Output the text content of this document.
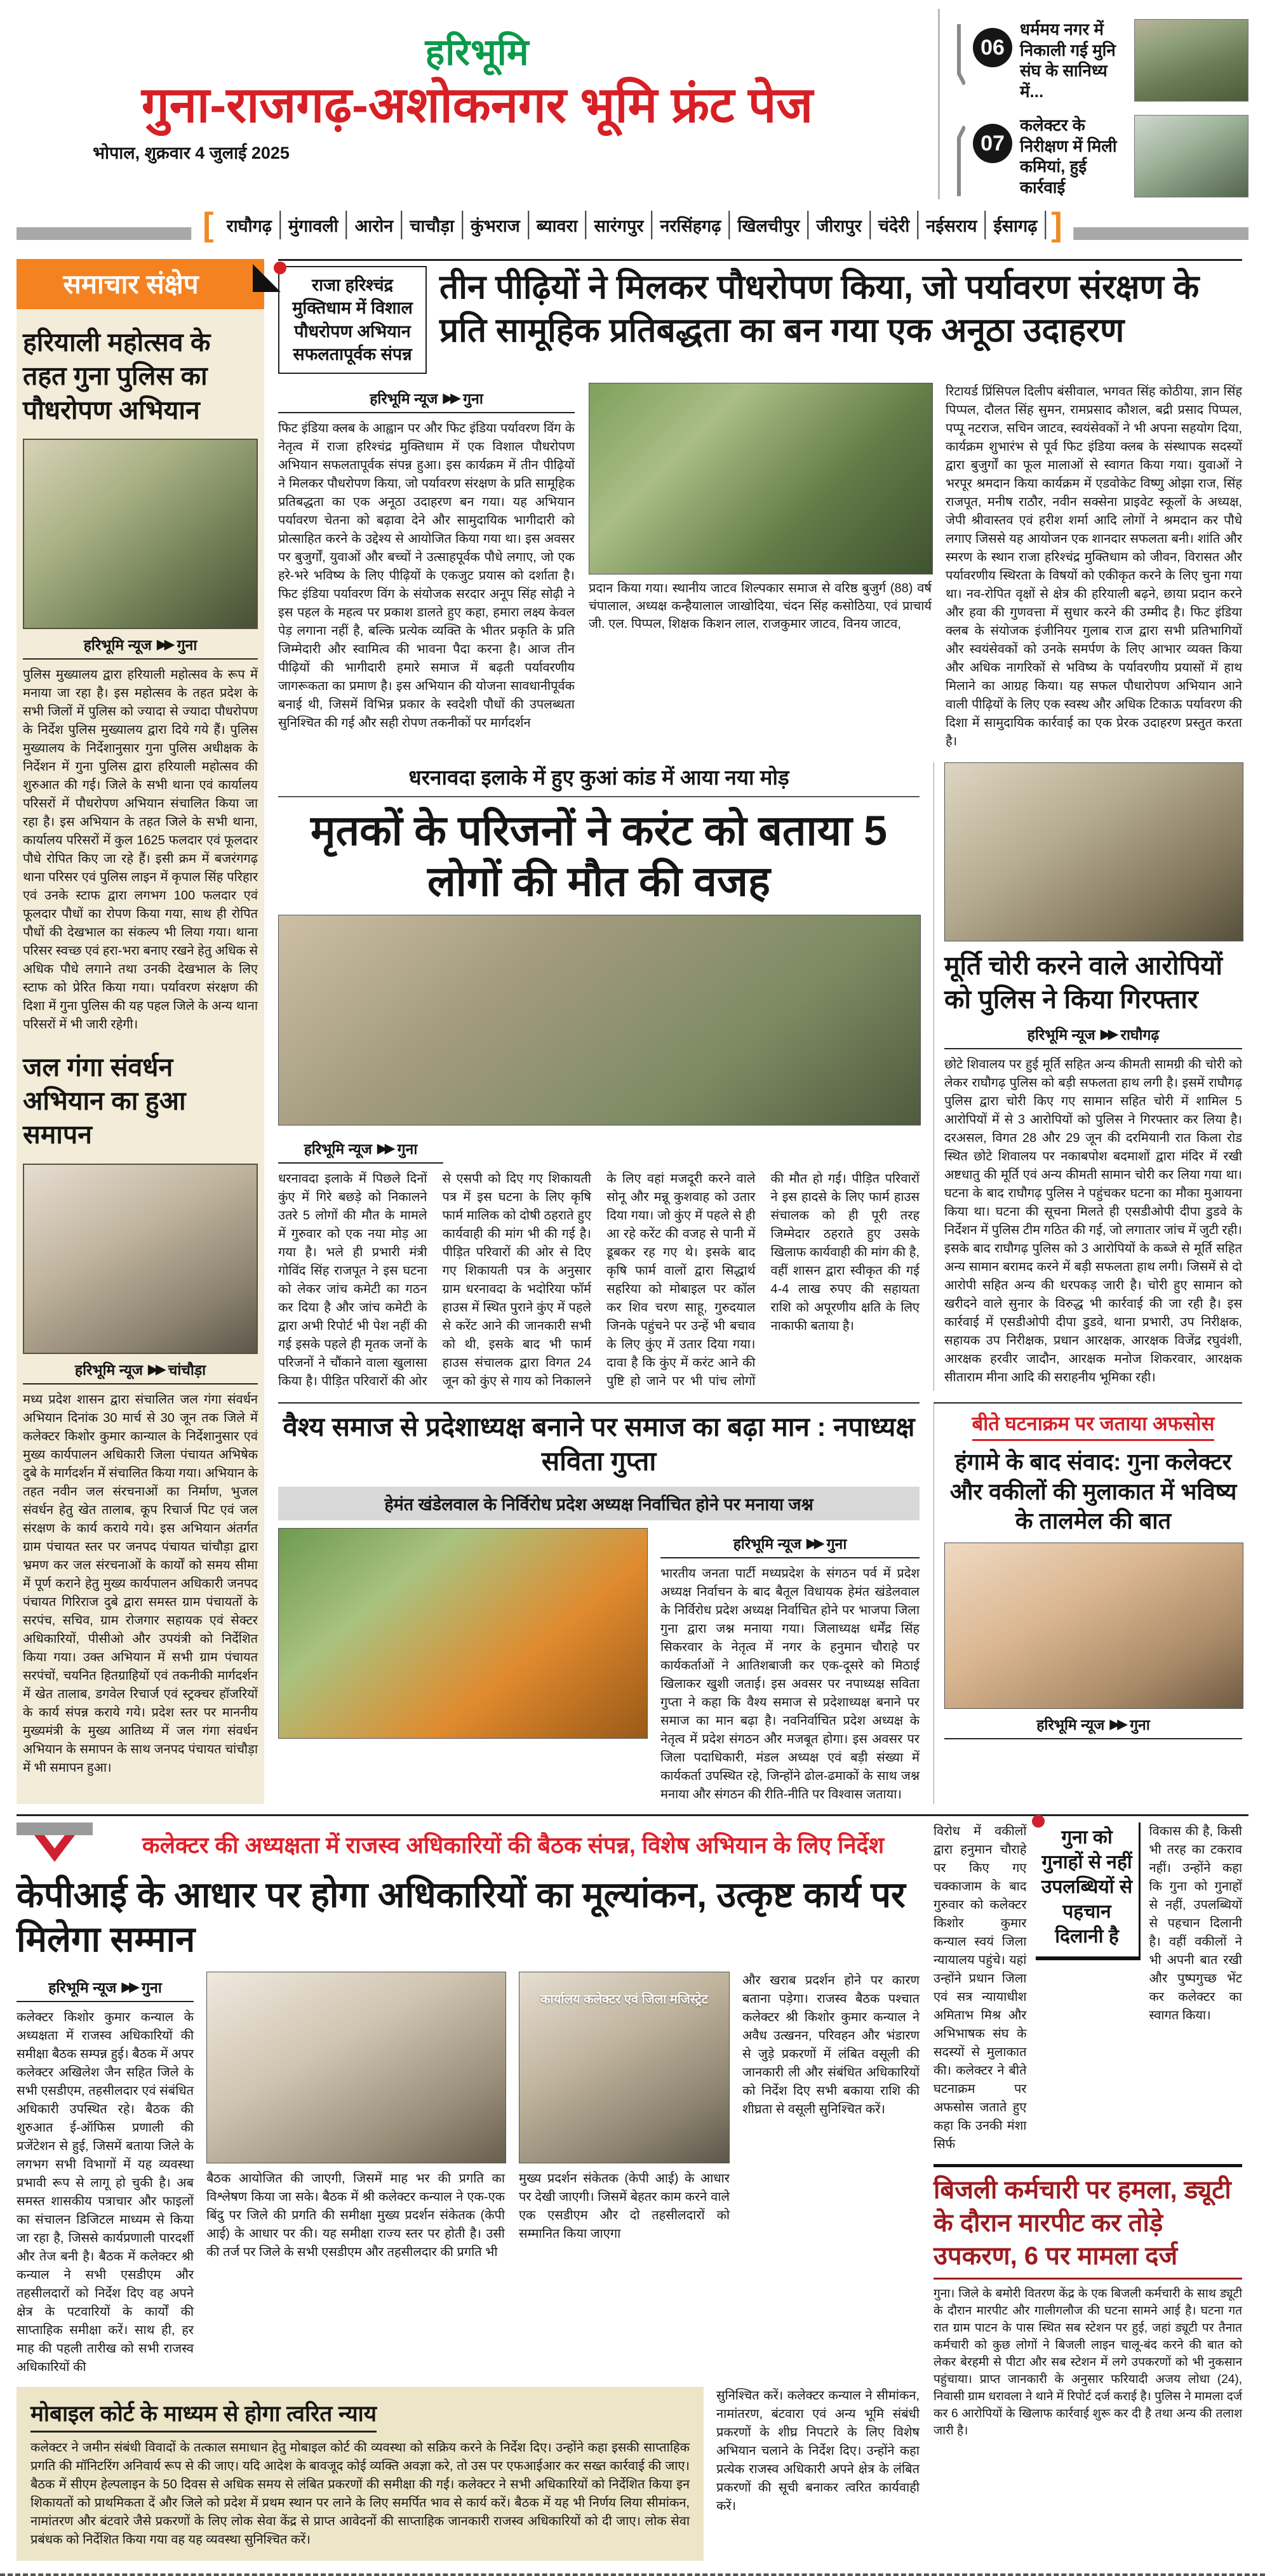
हरिभूमि
गुना-राजगढ़-अशोकनगर भूमि फ्रंट पेज
भोपाल, शुक्रवार 4 जुलाई 2025
06
धर्ममय नगर में निकाली गई मुनि संघ के सानिध्य में...
07
कलेक्टर के निरीक्षण में मिली कमियां, हुई कार्रवाई
[ राघौगढ़ मुंगावली आरोन चाचौड़ा कुंभराज ब्यावरा सारंगपुर नरसिंहगढ़ खिलचीपुर जीरापुर चंदेरी नईसराय ईसागढ़ ]
समाचार संक्षेप
हरियाली महोत्सव के तहत गुना पुलिस का पौधरोपण अभियान
हरिभूमि न्यूज ▶▶ गुना
पुलिस मुख्यालय द्वारा हरियाली महोत्सव के रूप में मनाया जा रहा है। इस महोत्सव के तहत प्रदेश के सभी जिलों में पुलिस को ज्यादा से ज्यादा पौधरोपण के निर्देश पुलिस मुख्यालय द्वारा दिये गये हैं। पुलिस मुख्यालय के निर्देशानुसार गुना पुलिस अधीक्षक के निर्देशन में गुना पुलिस द्वारा हरियाली महोत्सव की शुरुआत की गई। जिले के सभी थाना एवं कार्यालय परिसरों में पौधरोपण अभियान संचालित किया जा रहा है। इस अभियान के तहत जिले के सभी थाना, कार्यालय परिसरों में कुल 1625 फलदार एवं फूलदार पौधे रोपित किए जा रहे हैं। इसी क्रम में बजरंगगढ़ थाना परिसर एवं पुलिस लाइन में कृपाल सिंह परिहार एवं उनके स्टाफ द्वारा लगभग 100 फलदार एवं फूलदार पौधों का रोपण किया गया, साथ ही रोपित पौधों की देखभाल का संकल्प भी लिया गया। थाना परिसर स्वच्छ एवं हरा-भरा बनाए रखने हेतु अधिक से अधिक पौधे लगाने तथा उनकी देखभाल के लिए स्टाफ को प्रेरित किया गया। पर्यावरण संरक्षण की दिशा में गुना पुलिस की यह पहल जिले के अन्य थाना परिसरों में भी जारी रहेगी।
जल गंगा संवर्धन अभियान का हुआ समापन
हरिभूमि न्यूज ▶▶ चांचौड़ा
मध्य प्रदेश शासन द्वारा संचालित जल गंगा संवर्धन अभियान दिनांक 30 मार्च से 30 जून तक जिले में कलेक्टर किशोर कुमार कान्याल के निर्देशानुसार एवं मुख्य कार्यपालन अधिकारी जिला पंचायत अभिषेक दुबे के मार्गदर्शन में संचालित किया गया। अभियान के तहत नवीन जल संरचनाओं का निर्माण, भुजल संवर्धन हेतु खेत तालाब, कूप रिचार्ज पिट एवं जल संरक्षण के कार्य कराये गये। इस अभियान अंतर्गत ग्राम पंचायत स्तर पर जनपद पंचायत चांचौड़ा द्वारा भ्रमण कर जल संरचनाओं के कार्यों को समय सीमा में पूर्ण कराने हेतु मुख्य कार्यपालन अधिकारी जनपद पंचायत गिरिराज दुबे द्वारा समस्त ग्राम पंचायतों के सरपंच, सचिव, ग्राम रोजगार सहायक एवं सेक्टर अधिकारियों, पीसीओ और उपयंत्री को निर्देशित किया गया। उक्त अभियान में सभी ग्राम पंचायत सरपंचों, चयनित हितग्राहियों एवं तकनीकी मार्गदर्शन में खेत तालाब, डगवेल रिचार्ज एवं स्ट्रक्चर हॉजरियों के कार्य संपन्न कराये गये। प्रदेश स्तर पर माननीय मुख्यमंत्री के मुख्य आतिथ्य में जल गंगा संवर्धन अभियान के समापन के साथ जनपद पंचायत चांचौड़ा में भी समापन हुआ।
राजा हरिश्चंद्र मुक्तिधाम में विशाल पौधरोपण अभियान सफलतापूर्वक संपन्न
तीन पीढ़ियों ने मिलकर पौधरोपण किया, जो पर्यावरण संरक्षण के प्रति सामूहिक प्रतिबद्धता का बन गया एक अनूठा उदाहरण
हरिभूमि न्यूज ▶▶ गुना
फिट इंडिया क्लब के आह्वान पर और फिट इंडिया पर्यावरण विंग के नेतृत्व में राजा हरिश्चंद्र मुक्तिधाम में एक विशाल पौधरोपण अभियान सफलतापूर्वक संपन्न हुआ। इस कार्यक्रम में तीन पीढ़ियों ने मिलकर पौधरोपण किया, जो पर्यावरण संरक्षण के प्रति सामूहिक प्रतिबद्धता का एक अनूठा उदाहरण बन गया। यह अभियान पर्यावरण चेतना को बढ़ावा देने और सामुदायिक भागीदारी को प्रोत्साहित करने के उद्देश्य से आयोजित किया गया था। इस अवसर पर बुजुर्गों, युवाओं और बच्चों ने उत्साहपूर्वक पौधे लगाए, जो एक हरे-भरे भविष्य के लिए पीढ़ियों के एकजुट प्रयास को दर्शाता है। फिट इंडिया पर्यावरण विंग के संयोजक सरदार अनूप सिंह सोढ़ी ने इस पहल के महत्व पर प्रकाश डालते हुए कहा, हमारा लक्ष्य केवल पेड़ लगाना नहीं है, बल्कि प्रत्येक व्यक्ति के भीतर प्रकृति के प्रति जिम्मेदारी और स्वामित्व की भावना पैदा करना है। आज तीन पीढ़ियों की भागीदारी हमारे समाज में बढ़ती पर्यावरणीय जागरूकता का प्रमाण है। इस अभियान की योजना सावधानीपूर्वक बनाई थी, जिसमें विभिन्न प्रकार के स्वदेशी पौधों की उपलब्धता सुनिश्चित की गई और सही रोपण तकनीकों पर मार्गदर्शन
प्रदान किया गया। स्थानीय जाटव शिल्पकार समाज से वरिष्ठ बुजुर्ग (88) वर्ष चंपालाल, अध्यक्ष कन्हैयालाल जाखोदिया, चंदन सिंह कसोठिया, एवं प्राचार्य जी. एल. पिप्पल, शिक्षक किशन लाल, राजकुमार जाटव, विनय जाटव,
रिटायर्ड प्रिंसिपल दिलीप बंसीवाल, भगवत सिंह कोठीया, ज्ञान सिंह पिप्पल, दौलत सिंह सुमन, रामप्रसाद कौशल, बद्री प्रसाद पिप्पल, पप्पू नटराज, सचिन जाटव, स्वयंसेवकों ने भी अपना सहयोग दिया, कार्यक्रम शुभारंभ से पूर्व फिट इंडिया क्लब के संस्थापक सदस्यों द्वारा बुजुर्गों का फूल मालाओं से स्वागत किया गया। युवाओं ने भरपूर श्रमदान किया कार्यक्रम में एडवोकेट विष्णु ओझा राज, सिंह राजपूत, मनीष राठौर, नवीन सक्सेना प्राइवेट स्कूलों के अध्यक्ष, जेपी श्रीवास्तव एवं हरीश शर्मा आदि लोगों ने श्रमदान कर पौधे लगाए जिससे यह आयोजन एक शानदार सफलता बनी। शांति और स्मरण के स्थान राजा हरिश्चंद्र मुक्तिधाम को जीवन, विरासत और पर्यावरणीय स्थिरता के विषयों को एकीकृत करने के लिए चुना गया था। नव-रोपित वृक्षों से क्षेत्र की हरियाली बढ़ने, छाया प्रदान करने और हवा की गुणवत्ता में सुधार करने की उम्मीद है। फिट इंडिया क्लब के संयोजक इंजीनियर गुलाब राज द्वारा सभी प्रतिभागियों और स्वयंसेवकों को उनके समर्पण के लिए आभार व्यक्त किया और अधिक नागरिकों से भविष्य के पर्यावरणीय प्रयासों में हाथ मिलाने का आग्रह किया। यह सफल पौधारोपण अभियान आने वाली पीढ़ियों के लिए एक स्वस्थ और अधिक टिकाऊ पर्यावरण की दिशा में सामुदायिक कार्रवाई का एक प्रेरक उदाहरण प्रस्तुत करता है।
धरनावदा इलाके में हुए कुआं कांड में आया नया मोड़
मृतकों के परिजनों ने करंट को बताया 5 लोगों की मौत की वजह
हरिभूमि न्यूज ▶▶ गुना
धरनावदा इलाके में पिछले दिनों कुंए में गिरे बछड़े को निकालने उतरे 5 लोगों की मौत के मामले में गुरुवार को एक नया मोड़ आ गया है। भले ही प्रभारी मंत्री गोविंद सिंह राजपूत ने इस घटना को लेकर जांच कमेटी का गठन कर दिया है और जांच कमेटी के द्वारा अभी रिपोर्ट भी पेश नहीं की गई इसके पहले ही मृतक जनों के परिजनों ने चौंकाने वाला खुलासा किया है। पीड़ित परिवारों की ओर से एसपी को दिए गए शिकायती पत्र में इस घटना के लिए कृषि फार्म मालिक को दोषी ठहराते हुए कार्यवाही की मांग भी की गई है। पीड़ित परिवारों की ओर से दिए गए शिकायती पत्र के अनुसार ग्राम धरनावदा के भदोरिया फॉर्म हाउस में स्थित पुराने कुंए में पहले से करेंट आने की जानकारी सभी को थी, इसके बाद भी फार्म हाउस संचालक द्वारा विगत 24 जून को कुंए से गाय को निकालने के लिए वहां मजदूरी करने वाले सोनू और मन्नू कुशवाह को उतार दिया गया। जो कुंए में पहले से ही आ रहे करेंट की वजह से पानी में डूबकर रह गए थे। इसके बाद कृषि फार्म वालों द्वारा सिद्धार्थ सहरिया को मोबाइल पर कॉल कर शिव चरण साहू, गुरुदयाल जिनके पहुंचने पर उन्हें भी बचाव के लिए कुंए में उतार दिया गया। दावा है कि कुंए में करंट आने की पुष्टि हो जाने पर भी पांच लोगों की मौत हो गई। पीड़ित परिवारों ने इस हादसे के लिए फार्म हाउस संचालक को ही पूरी तरह जिम्मेदार ठहराते हुए उसके खिलाफ कार्यवाही की मांग की है, वहीं शासन द्वारा स्वीकृत की गई 4-4 लाख रुपए की सहायता राशि को अपूरणीय क्षति के लिए नाकाफी बताया है।
मूर्ति चोरी करने वाले आरोपियों को पुलिस ने किया गिरफ्तार
हरिभूमि न्यूज ▶▶ राघौगढ़
छोटे शिवालय पर हुई मूर्ति सहित अन्य कीमती सामग्री की चोरी को लेकर राघौगढ़ पुलिस को बड़ी सफलता हाथ लगी है। इसमें राघौगढ़ पुलिस द्वारा चोरी किए गए सामान सहित चोरी में शामिल 5 आरोपियों में से 3 आरोपियों को पुलिस ने गिरफ्तार कर लिया है। दरअसल, विगत 28 और 29 जून की दरमियानी रात किला रोड स्थित छोटे शिवालय पर नकाबपोश बदमाशों द्वारा मंदिर में रखी अष्टधातु की मूर्ति एवं अन्य कीमती सामान चोरी कर लिया गया था। घटना के बाद राघौगढ़ पुलिस ने पहुंचकर घटना का मौका मुआयना किया था। घटना की सूचना मिलते ही एसडीओपी दीपा डुडवे के निर्देशन में पुलिस टीम गठित की गई, जो लगातार जांच में जुटी रही। इसके बाद राघौगढ़ पुलिस को 3 आरोपियों के कब्जे से मूर्ति सहित अन्य सामान बरामद करने में बड़ी सफलता हाथ लगी। जिसमें से दो आरोपी सहित अन्य की धरपकड़ जारी है। चोरी हुए सामान को खरीदने वाले सुनार के विरुद्ध भी कार्रवाई की जा रही है। इस कार्रवाई में एसडीओपी दीपा डुडवे, थाना प्रभारी, उप निरीक्षक, सहायक उप निरीक्षक, प्रधान आरक्षक, आरक्षक विजेंद्र रघुवंशी, आरक्षक हरवीर जादौन, आरक्षक मनोज शिकरवार, आरक्षक सीताराम मीना आदि की सराहनीय भूमिका रही।
वैश्य समाज से प्रदेशाध्यक्ष बनाने पर समाज का बढ़ा मान : नपाध्यक्ष सविता गुप्ता
हेमंत खंडेलवाल के निर्विरोध प्रदेश अध्यक्ष निर्वाचित होने पर मनाया जश्न
हरिभूमि न्यूज ▶▶ गुना
भारतीय जनता पार्टी मध्यप्रदेश के संगठन पर्व में प्रदेश अध्यक्ष निर्वाचन के बाद बैतूल विधायक हेमंत खंडेलवाल के निर्विरोध प्रदेश अध्यक्ष निर्वाचित होने पर भाजपा जिला गुना द्वारा जश्न मनाया गया। जिलाध्यक्ष धर्मेंद्र सिंह सिकरवार के नेतृत्व में नगर के हनुमान चौराहे पर कार्यकर्ताओं ने आतिशबाजी कर एक-दूसरे को मिठाई खिलाकर खुशी जताई। इस अवसर पर नपाध्यक्ष सविता गुप्ता ने कहा कि वैश्य समाज से प्रदेशाध्यक्ष बनाने पर समाज का मान बढ़ा है। नवनिर्वाचित प्रदेश अध्यक्ष के नेतृत्व में प्रदेश संगठन और मजबूत होगा। इस अवसर पर जिला पदाधिकारी, मंडल अध्यक्ष एवं बड़ी संख्या में कार्यकर्ता उपस्थित रहे, जिन्होंने ढोल-ढमाकों के साथ जश्न मनाया और संगठन की रीति-नीति पर विश्वास जताया।
बीते घटनाक्रम पर जताया अफसोस
हंगामे के बाद संवाद: गुना कलेक्टर और वकीलों की मुलाकात में भविष्य के तालमेल की बात
हरिभूमि न्यूज ▶▶ गुना
कलेक्टर की अध्यक्षता में राजस्व अधिकारियों की बैठक संपन्न, विशेष अभियान के लिए निर्देश
केपीआई के आधार पर होगा अधिकारियों का मूल्यांकन, उत्कृष्ट कार्य पर मिलेगा सम्मान
हरिभूमि न्यूज ▶▶ गुना
कलेक्टर किशोर कुमार कन्याल के अध्यक्षता में राजस्व अधिकारियों की समीक्षा बैठक सम्पन्न हुई। बैठक में अपर कलेक्टर अखिलेश जैन सहित जिले के सभी एसडीएम, तहसीलदार एवं संबंधित अधिकारी उपस्थित रहे। बैठक की शुरुआत ई-ऑफिस प्रणाली की प्रजेंटेशन से हुई, जिसमें बताया जिले के लगभग सभी विभागों में यह व्यवस्था प्रभावी रूप से लागू हो चुकी है। अब समस्त शासकीय पत्राचार और फाइलों का संचालन डिजिटल माध्यम से किया जा रहा है, जिससे कार्यप्रणाली पारदर्शी और तेज बनी है। बैठक में कलेक्टर श्री कन्याल ने सभी एसडीएम और तहसीलदारों को निर्देश दिए वह अपने क्षेत्र के पटवारियों के कार्यों की साप्ताहिक समीक्षा करें। साथ ही, हर माह की पहली तारीख को सभी राजस्व अधिकारियों की
बैठक आयोजित की जाएगी, जिसमें माह भर की प्रगति का विश्लेषण किया जा सके। बैठक में श्री कलेक्टर कन्याल ने एक-एक बिंदु पर जिले की प्रगति की समीक्षा मुख्य प्रदर्शन संकेतक (केपी आई) के आधार पर की। यह समीक्षा राज्य स्तर पर होती है। उसी की तर्ज पर जिले के सभी एसडीएम और तहसीलदार की प्रगति भी
कार्यालय कलेक्टर एवं जिला मजिस्ट्रेट
मुख्य प्रदर्शन संकेतक (केपी आई) के आधार पर देखी जाएगी। जिसमें बेहतर काम करने वाले एक एसडीएम और दो तहसीलदारों को सम्मानित किया जाएगा
और खराब प्रदर्शन होने पर कारण बताना पड़ेगा। राजस्व बैठक पश्चात कलेक्टर श्री किशोर कुमार कन्याल ने अवैध उत्खनन, परिवहन और भंडारण से जुड़े प्रकरणों में लंबित वसूली की जानकारी ली और संबंधित अधिकारियों को निर्देश दिए सभी बकाया राशि की शीघ्रता से वसूली सुनिश्चित करें।
मोबाइल कोर्ट के माध्यम से होगा त्वरित न्याय
कलेक्टर ने जमीन संबंधी विवादों के तत्काल समाधान हेतु मोबाइल कोर्ट की व्यवस्था को सक्रिय करने के निर्देश दिए। उन्होंने कहा इसकी साप्ताहिक प्रगति की मॉनिटरिंग अनिवार्य रूप से की जाए। यदि आदेश के बावजूद कोई व्यक्ति अवज्ञा करे, तो उस पर एफआईआर कर सख्त कार्रवाई की जाए। बैठक में सीएम हेल्पलाइन के 50 दिवस से अधिक समय से लंबित प्रकरणों की समीक्षा की गई। कलेक्टर ने सभी अधिकारियों को निर्देशित किया इन शिकायतों को प्राथमिकता दें और जिले को प्रदेश में प्रथम स्थान पर लाने के लिए समर्पित भाव से कार्य करें। बैठक में यह भी निर्णय लिया सीमांकन, नामांतरण और बंटवारे जैसे प्रकरणों के लिए लोक सेवा केंद्र से प्राप्त आवेदनों की साप्ताहिक जानकारी राजस्व अधिकारियों को दी जाए। लोक सेवा प्रबंधक को निर्देशित किया गया वह यह व्यवस्था सुनिश्चित करें।
सुनिश्चित करें। कलेक्टर कन्याल ने सीमांकन, नामांतरण, बंटवारा एवं अन्य भूमि संबंधी प्रकरणों के शीघ्र निपटारे के लिए विशेष अभियान चलाने के निर्देश दिए। उन्होंने कहा प्रत्येक राजस्व अधिकारी अपने क्षेत्र के लंबित प्रकरणों की सूची बनाकर त्वरित कार्यवाही करें।
विरोध में वकीलों द्वारा हनुमान चौराहे पर किए गए चक्काजाम के बाद गुरुवार को कलेक्टर किशोर कुमार कन्याल स्वयं जिला न्यायालय पहुंचे। यहां उन्होंने प्रधान जिला एवं सत्र न्यायाधीश अमिताभ मिश्र और अभिभाषक संघ के सदस्यों से मुलाकात की। कलेक्टर ने बीते घटनाक्रम पर अफसोस जताते हुए कहा कि उनकी मंशा सिर्फ
गुना को गुनाहों से नहीं उपलब्धियों से पहचान दिलानी है
विकास की है, किसी भी तरह का टकराव नहीं। उन्होंने कहा कि गुना को गुनाहों से नहीं, उपलब्धियों से पहचान दिलानी है। वहीं वकीलों ने भी अपनी बात रखी और पुष्पगुच्छ भेंट कर कलेक्टर का स्वागत किया।
बिजली कर्मचारी पर हमला, ड्यूटी के दौरान मारपीट कर तोड़े उपकरण, 6 पर मामला दर्ज
गुना। जिले के बमोरी वितरण केंद्र के एक बिजली कर्मचारी के साथ ड्यूटी के दौरान मारपीट और गालीगलौज की घटना सामने आई है। घटना गत रात ग्राम पाटन के पास स्थित सब स्टेशन पर हुई, जहां ड्यूटी पर तैनात कर्मचारी को कुछ लोगों ने बिजली लाइन चालू-बंद करने की बात को लेकर बेरहमी से पीटा और सब स्टेशन में लगे उपकरणों को भी नुकसान पहुंचाया। प्राप्त जानकारी के अनुसार फरियादी अजय लोधा (24), निवासी ग्राम धरावला ने थाने में रिपोर्ट दर्ज कराई है। पुलिस ने मामला दर्ज कर 6 आरोपियों के खिलाफ कार्रवाई शुरू कर दी है तथा अन्य की तलाश जारी है।
